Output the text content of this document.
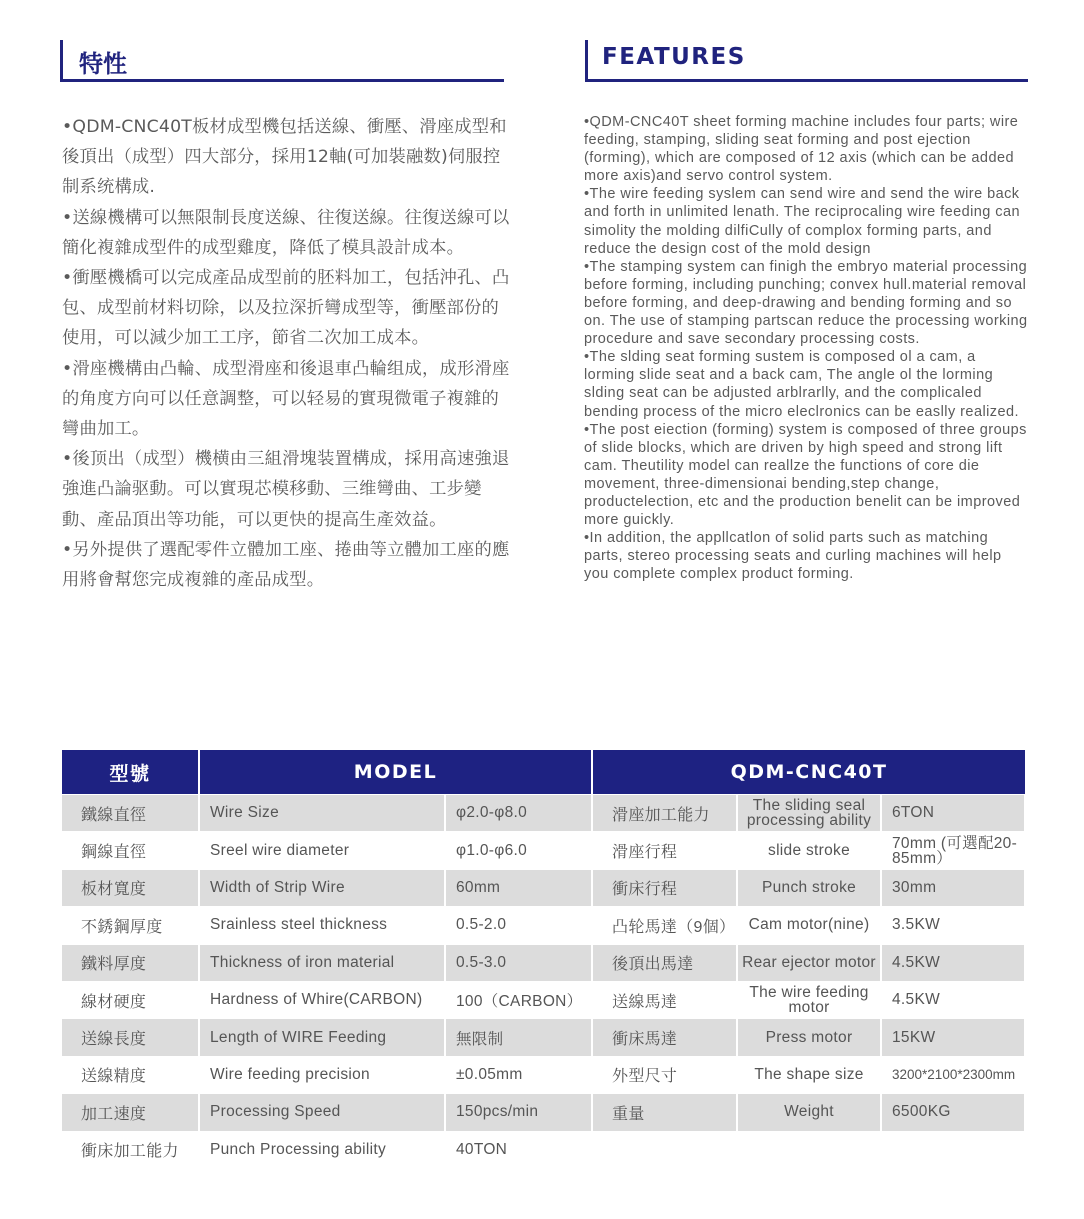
特性	FEATURES

•QDM-CNC40T板材成型機包括送線、衝壓、滑座成型和後頂出（成型）四大部分，採用12軸(可加裝融数)伺服控制系统構成.

•送線機構可以無限制長度送線、往復送線。往復送線可以簡化複雜成型件的成型雞度，降低了模具設計成本。

•衝壓機橋可以完成產品成型前的胚料加工，包括沖孔、凸包、成型前材料切除，以及拉深折彎成型等，衝壓部份的使用，可以減少加工工序，節省二次加工成本。

•滑座機構由凸輪、成型滑座和後退車凸輪组成，成形滑座的角度方向可以任意調整，可以轻易的實現微電子複雜的彎曲加工。

•後顶出（成型）機横由三組滑塊装置構成，採用高速強退強進凸論驱動。可以實現芯模移動、三维彎曲、工步變動、產品頂出等功能，可以更快的提高生產效益。

•另外提供了選配零件立體加工座、捲曲等立體加工座的應用將會幫您完成複雜的產品成型。

•QDM-CNC40T sheet forming machine includes four parts; wire feeding, stamping, sliding seat forming and post ejection (forming), which are composed of 12 axis (which can be added more axis)and servo control system.

•The wire feeding syslem can send wire and send the wire back and forth in unlimited lenath. The reciprocaling wire feeding can simolity the molding dilfiCully of complox forming parts, and reduce the design cost of the mold design

•The stamping system can finigh the embryo material processing before forming, including punching; convex hull.material removal before forming, and deep-drawing and bending forming and so on. The use of stamping partscan reduce the processing working procedure and save secondary processing costs.

•The slding seat forming sustem is composed ol a cam, a lorming slide seat and a back cam, The angle ol the lorming slding seat can be adjusted arblrarlly, and the complicaled bending process of the micro eleclronics can be easlly realized.

•The post eiection (forming) system is composed of three groups of slide blocks, which are driven by high speed and strong lift cam. Theutility model can reallze the functions of core die movement, three-dimensionai bending,step change, productelection, etc and the production benelit can be improved more guickly.

•In addition, the appllcatlon of solid parts such as matching parts, stereo processing seats and curling machines will help you complete complex product forming.

型號	MODEL		QDM-CNC40T		
鐵線直徑	Wire Size	φ2.0-φ8.0	滑座加工能力	The sliding seal processing ability	6TON
鋼線直徑	Sreel wire diameter	φ1.0-φ6.0	滑座行程	slide stroke	70mm (可選配20-85mm）
板材寬度	Width of Strip Wire	60mm	衝床行程	Punch stroke	30mm
不銹鋼厚度	Srainless steel thickness	0.5-2.0	凸轮馬達（9個）	Cam motor(nine)	3.5KW
鐵料厚度	Thickness of iron material	0.5-3.0	後頂出馬達	Rear ejector motor	4.5KW
線材硬度	Hardness of Whire(CARBON)	100（CARBON）	送線馬達	The wire feeding motor	4.5KW
送線長度	Length of WIRE Feeding	無限制	衝床馬達	Press motor	15KW
送線精度	Wire feeding precision	±0.05mm	外型尺寸	The shape size	3200*2100*2300mm
加工速度	Processing Speed	150pcs/min	重量	Weight	6500KG
衝床加工能力	Punch Processing ability	40TON			
